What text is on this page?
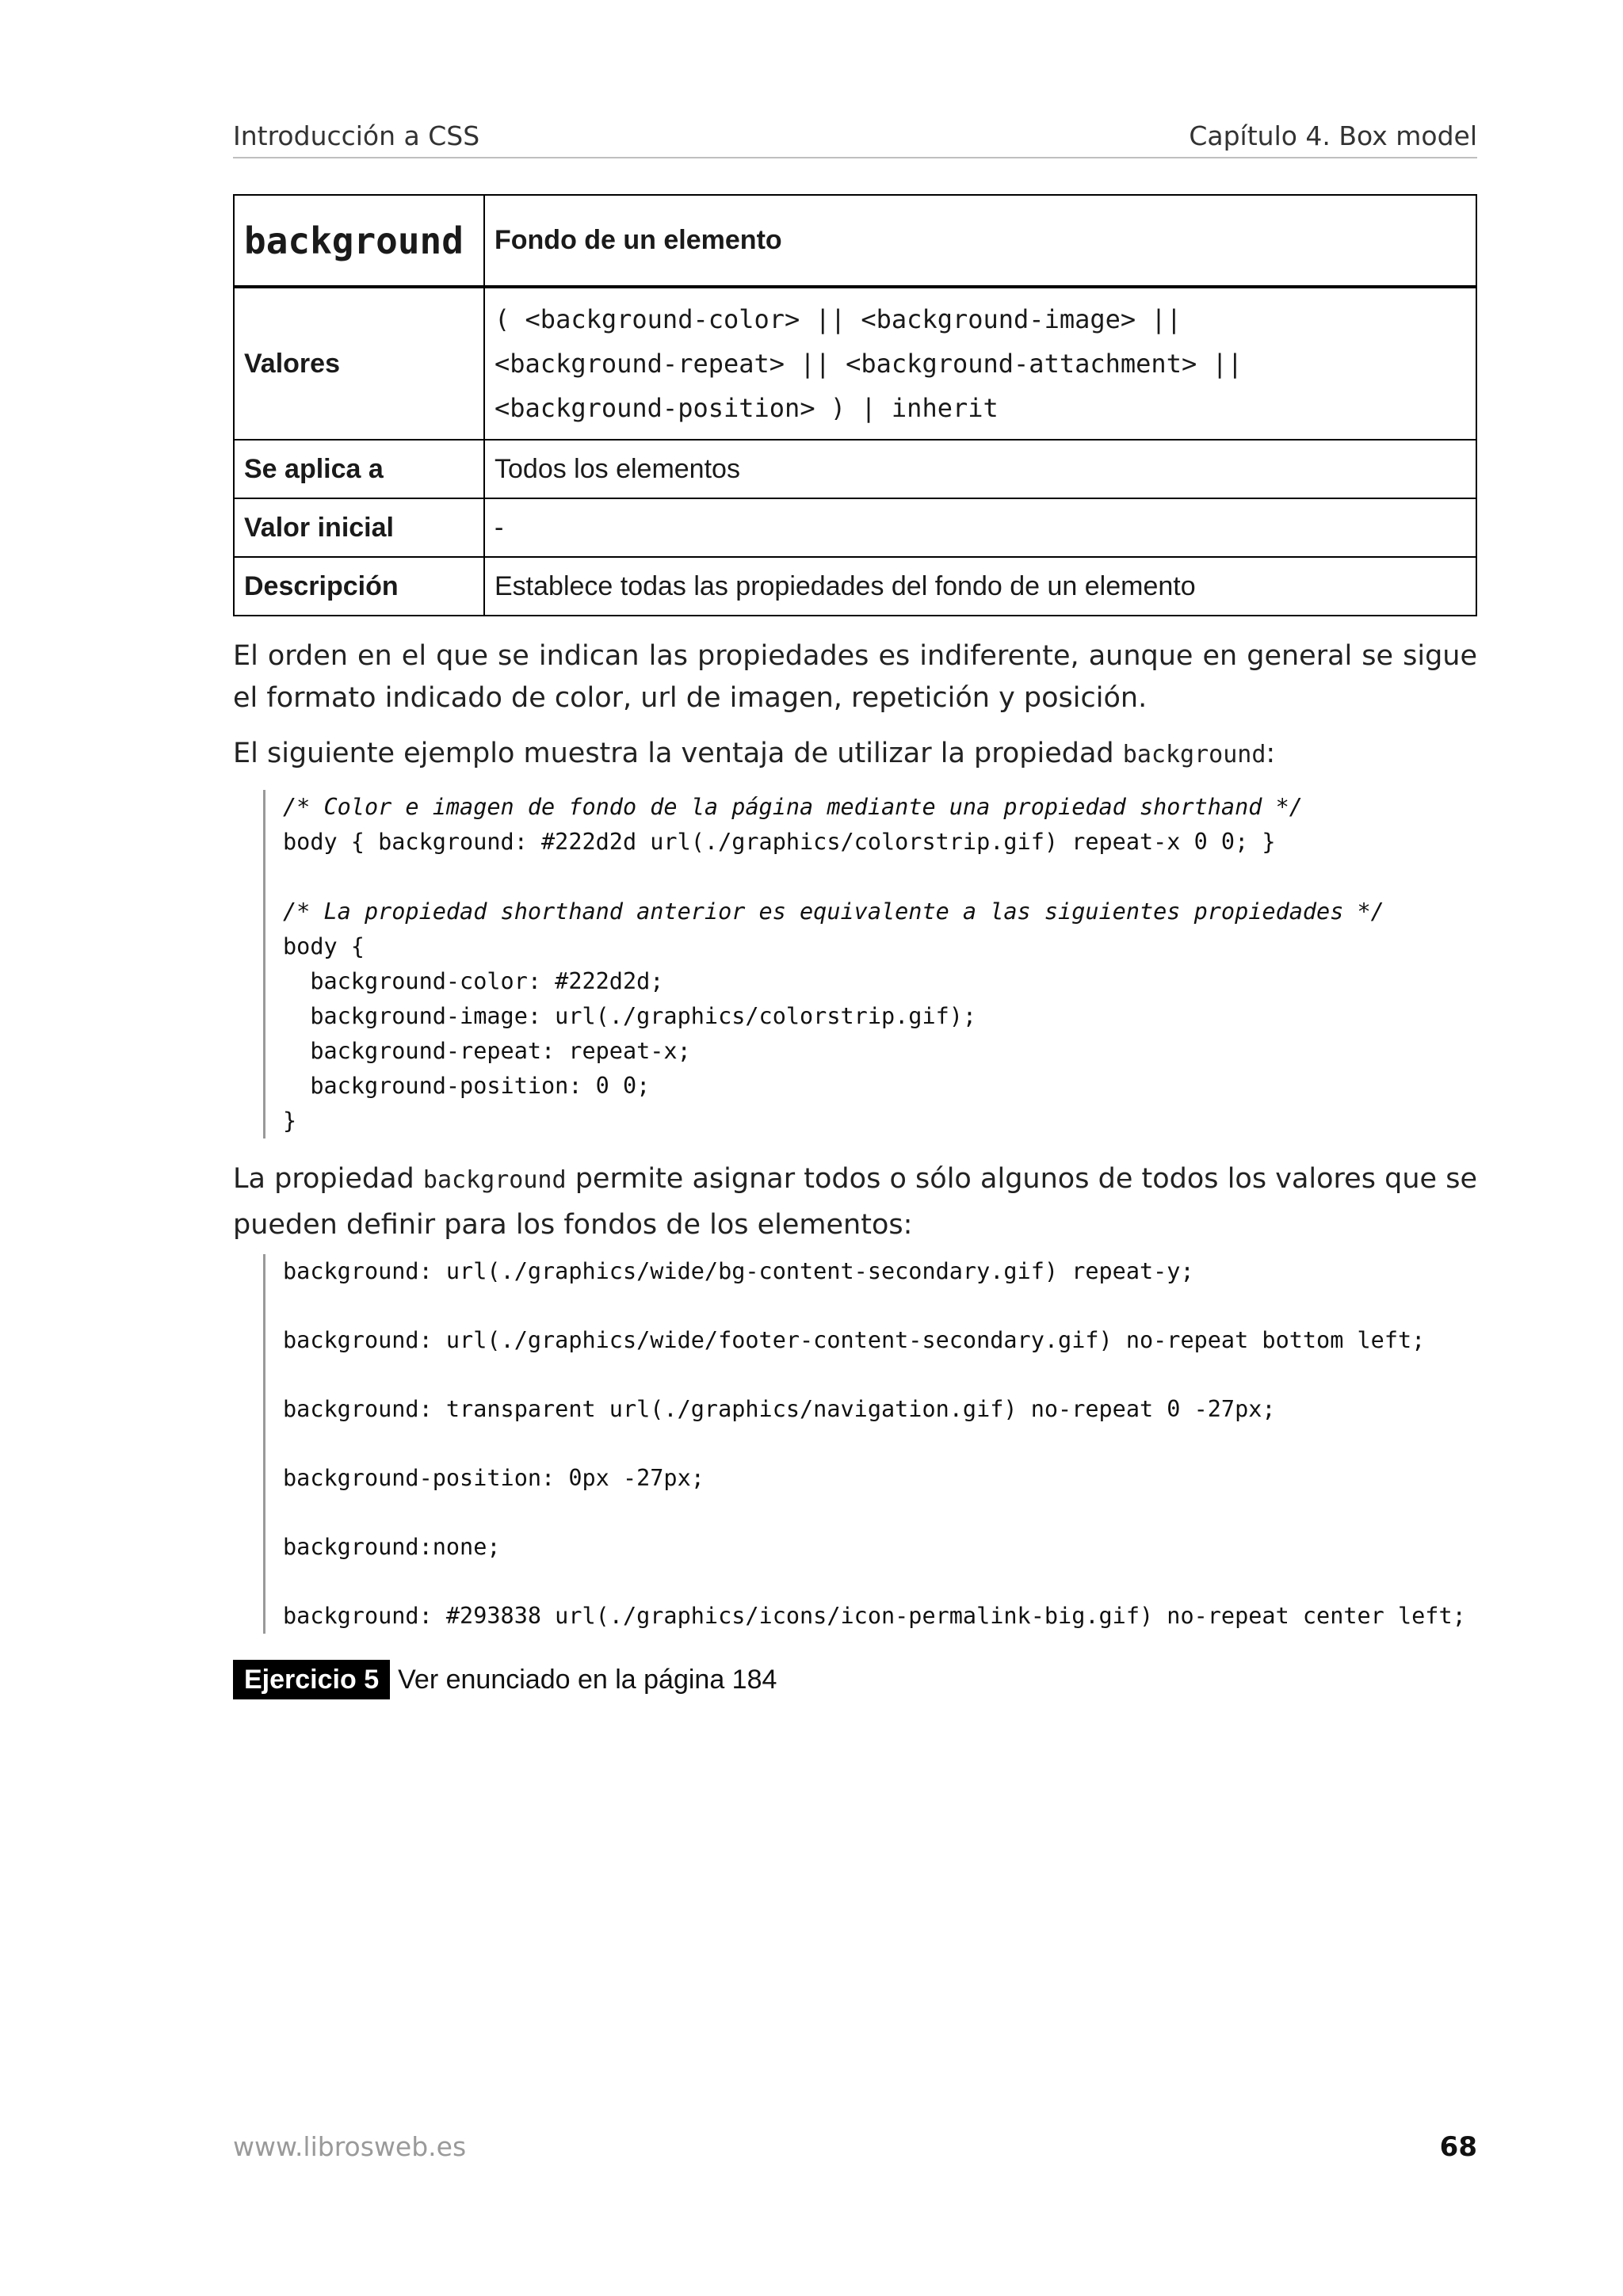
Introducción a CSS	Capítulo 4. Box model
background	Fondo de un elemento
Valores	( <background-color> || <background-image> ||
<background-repeat> || <background-attachment> ||
<background-position> ) | inherit

Se aplica a	Todos los elementos
Valor inicial	-
Descripción	Establece todas las propiedades del fondo de un elemento

El orden en el que se indican las propiedades es indiferente, aunque en general se sigue el formato indicado de color, url de imagen, repetición y posición.

El siguiente ejemplo muestra la ventaja de utilizar la propiedad background:

/* Color e imagen de fondo de la página mediante una propiedad shorthand */
body { background: #222d2d url(./graphics/colorstrip.gif) repeat-x 0 0; }
/* La propiedad shorthand anterior es equivalente a las siguientes propiedades */
body {
background-color: #222d2d;
background-image: url(./graphics/colorstrip.gif);
background-repeat: repeat-x;
background-position: 0 0;
}

La propiedad background permite asignar todos o sólo algunos de todos los valores que se pueden definir para los fondos de los elementos:

background: url(./graphics/wide/bg-content-secondary.gif) repeat-y;
background: url(./graphics/wide/footer-content-secondary.gif) no-repeat bottom left;
background: transparent url(./graphics/navigation.gif) no-repeat 0 -27px;
background-position: 0px -27px;
background:none;
background: #293838 url(./graphics/icons/icon-permalink-big.gif) no-repeat center left;
Ejercicio 5 Ver enunciado en la página 184
www.librosweb.es	68
